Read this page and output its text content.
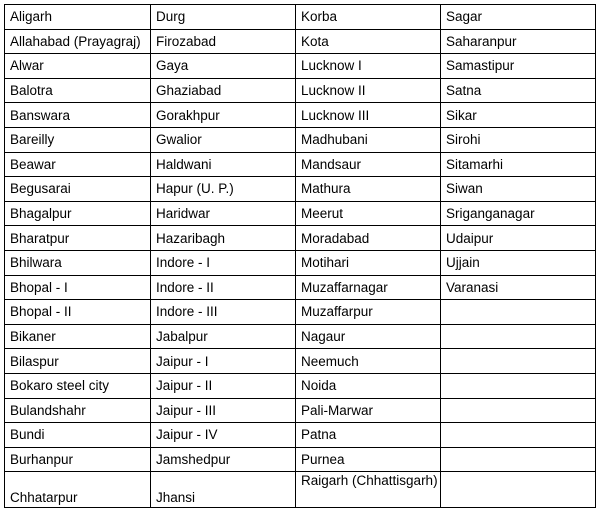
Aligarh	Durg	Korba	Sagar
Allahabad (Prayagraj)	Firozabad	Kota	Saharanpur
Alwar	Gaya	Lucknow I	Samastipur
Balotra	Ghaziabad	Lucknow II	Satna
Banswara	Gorakhpur	Lucknow III	Sikar
Bareilly	Gwalior	Madhubani	Sirohi
Beawar	Haldwani	Mandsaur	Sitamarhi
Begusarai	Hapur (U. P.)	Mathura	Siwan
Bhagalpur	Haridwar	Meerut	Sriganganagar
Bharatpur	Hazaribagh	Moradabad	Udaipur
Bhilwara	Indore - I	Motihari	Ujjain
Bhopal - I	Indore - II	Muzaffarnagar	Varanasi
Bhopal - II	Indore - III	Muzaffarpur	
Bikaner	Jabalpur	Nagaur	
Bilaspur	Jaipur - I	Neemuch	
Bokaro steel city	Jaipur - II	Noida	
Bulandshahr	Jaipur - III	Pali-Marwar	
Bundi	Jaipur - IV	Patna	
Burhanpur	Jamshedpur	Purnea	
Chhatarpur	Jhansi	Raigarh (Chhattisgarh)	
